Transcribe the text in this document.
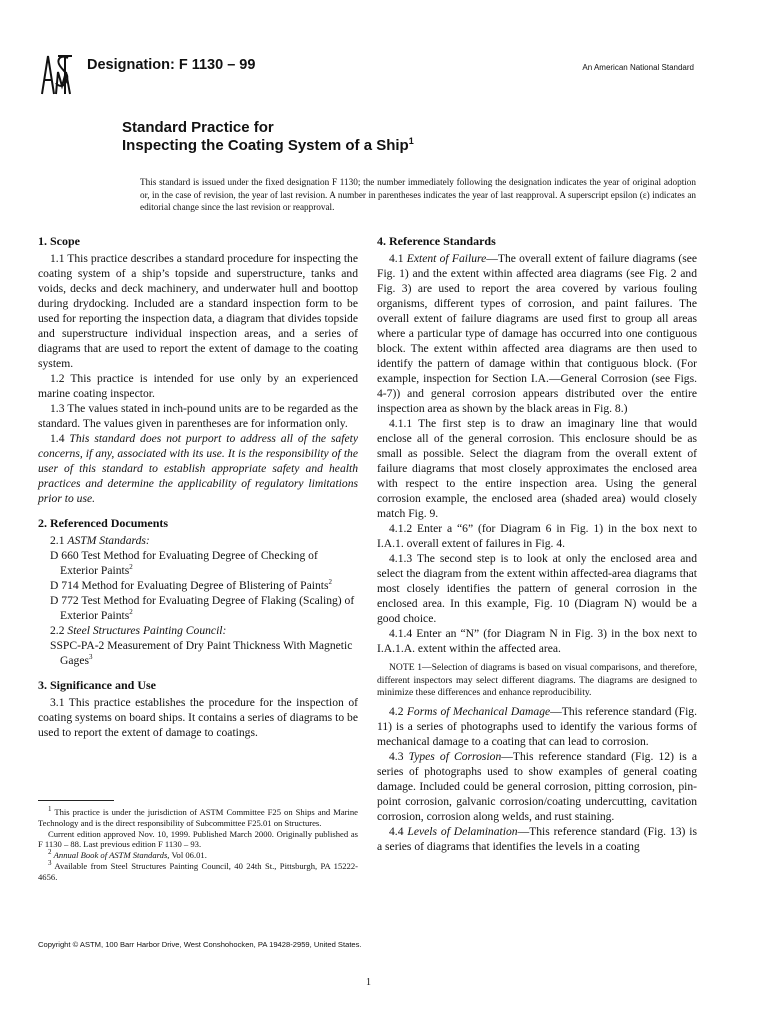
Designation: F 1130 – 99	An American National Standard
Standard Practice for
Inspecting the Coating System of a Ship$^1$
This standard is issued under the fixed designation F 1130; the number immediately following the designation indicates the year of original adoption or, in the case of revision, the year of last revision. A number in parentheses indicates the year of last reapproval. A superscript epsilon (ε) indicates an editorial change since the last revision or reapproval.
1. Scope

1.1 This practice describes a standard procedure for inspecting the coating system of a ship’s topside and superstructure, tanks and voids, decks and deck machinery, and underwater hull and boottop during drydocking. Included are a standard inspection form to be used for reporting the inspection data, a diagram that divides topside and superstructure individual inspection areas, and a series of diagrams that are used to report the extent of damage to the coating system.

1.2 This practice is intended for use only by an experienced marine coating inspector.

1.3 The values stated in inch-pound units are to be regarded as the standard. The values given in parentheses are for information only.

1.4 This standard does not purport to address all of the safety concerns, if any, associated with its use. It is the responsibility of the user of this standard to establish appropriate safety and health practices and determine the applicability of regulatory limitations prior to use.

2. Referenced Documents

2.1 ASTM Standards:

D 660 Test Method for Evaluating Degree of Checking of Exterior Paints$^2$

D 714 Method for Evaluating Degree of Blistering of Paints$^2$

D 772 Test Method for Evaluating Degree of Flaking (Scaling) of Exterior Paints$^2$

2.2 Steel Structures Painting Council:

SSPC-PA-2 Measurement of Dry Paint Thickness With Magnetic Gages$^3$

3. Significance and Use

3.1 This practice establishes the procedure for the inspection of coating systems on board ships. It contains a series of diagrams to be used to report the extent of damage to coatings.

$^1$ This practice is under the jurisdiction of ASTM Committee F25 on Ships and Marine Technology and is the direct responsibility of Subcommittee F25.01 on Structures.

Current edition approved Nov. 10, 1999. Published March 2000. Originally published as F 1130 – 88. Last previous edition F 1130 – 93.

$^2$ Annual Book of ASTM Standards, Vol 06.01.

$^3$ Available from Steel Structures Painting Council, 40 24th St., Pittsburgh, PA 15222-4656.

4. Reference Standards

4.1 Extent of Failure—The overall extent of failure diagrams (see Fig. 1) and the extent within affected area diagrams (see Fig. 2 and Fig. 3) are used to report the area covered by various fouling organisms, different types of corrosion, and paint failures. The overall extent of failure diagrams are used first to group all areas where a particular type of damage has occurred into one contiguous block. The extent within affected area diagrams are then used to identify the pattern of damage within that contiguous block. (For example, inspection for Section I.A.—General Corrosion (see Figs. 4-7)) and general corrosion appears distributed over the entire inspection area as shown by the black areas in Fig. 8.)

4.1.1 The first step is to draw an imaginary line that would enclose all of the general corrosion. This enclosure should be as small as possible. Select the diagram from the overall extent of failure diagrams that most closely approximates the enclosed area with respect to the entire inspection area. Using the general corrosion example, the enclosed area (shaded area) would closely match Fig. 9.

4.1.2 Enter a “6” (for Diagram 6 in Fig. 1) in the box next to I.A.1. overall extent of failures in Fig. 4.

4.1.3 The second step is to look at only the enclosed area and select the diagram from the extent within affected-area diagrams that most closely identifies the pattern of general corrosion in the enclosed area. In this example, Fig. 10 (Diagram N) would be a good choice.

4.1.4 Enter an “N” (for Diagram N in Fig. 3) in the box next to I.A.1.A. extent within the affected area.

NOTE 1—Selection of diagrams is based on visual comparisons, and therefore, different inspectors may select different diagrams. The diagrams are designed to minimize these differences and enhance reproducibility.

4.2 Forms of Mechanical Damage—This reference standard (Fig. 11) is a series of photographs used to identify the various forms of mechanical damage to a coating that can lead to corrosion.

4.3 Types of Corrosion—This reference standard (Fig. 12) is a series of photographs used to show examples of general coating damage. Included could be general corrosion, pitting corrosion, pin-point corrosion, galvanic corrosion/coating undercutting, cavitation corrosion, corrosion along welds, and rust staining.

4.4 Levels of Delamination—This reference standard (Fig. 13) is a series of diagrams that identifies the levels in a coating

Copyright © ASTM, 100 Barr Harbor Drive, West Conshohocken, PA 19428-2959, United States.
1
